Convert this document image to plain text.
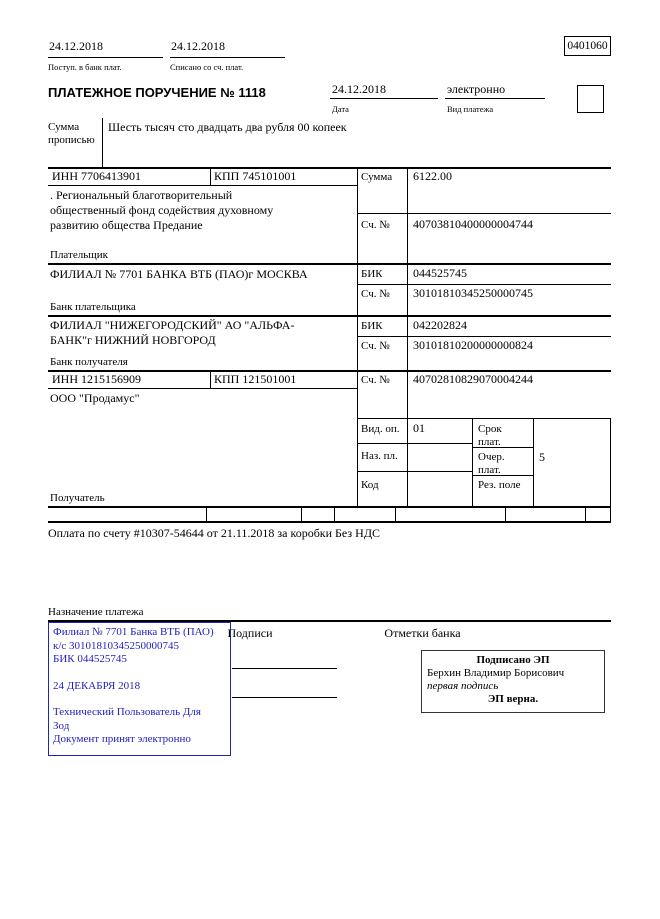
24.12.2018
Поступ. в банк плат.
24.12.2018
Списано со сч. плат.
0401060
ПЛАТЕЖНОЕ ПОРУЧЕНИЕ № 1118	24.12.2018
Дата
электронно
Вид платежа
Сумма прописью
Шесть тысяч сто двадцать два рубля 00 копеек
ИНН 7706413901	КПП 745101001	Сумма 6122.00
. Региональный благотворительный
общественный фонд содействия духовному
развитию общества Предание	Сч. № 40703810400000004744
Плательщик
ФИЛИАЛ № 7701 БАНКА ВТБ (ПАО)г МОСКВА	БИК	044525745
Сч. № 30101810345250000745
Банк плательщика
ФИЛИАЛ "НИЖЕГОРОДСКИЙ" АО "АЛЬФА-
БАНК"г НИЖНИЙ НОВГОРОД
БИК	042202824
Сч. № 30101810200000000824
Банк получателя
ИНН 1215156909	КПП 121501001	Сч. № 40702810829070004244
ООО "Продамус"
Вид. оп. 01	Срок плат.
Наз. пл.	Очер. плат.
5
Код	Рез. поле
Получатель
Оплата по счету #10307-54644 от 21.11.2018 за коробки Без НДС
Назначение платежа
Филиал № 7701 Банка ВТБ (ПАО)
к/с 30101810345250000745
БИК 044525745
24 ДЕКАБРЯ 2018
Технический Пользователь Для
Зод
Документ принят электронно
Подписи	Отметки банка
Подписано ЭП
Берхин Владимир Борисович
первая подпись
ЭП верна.
